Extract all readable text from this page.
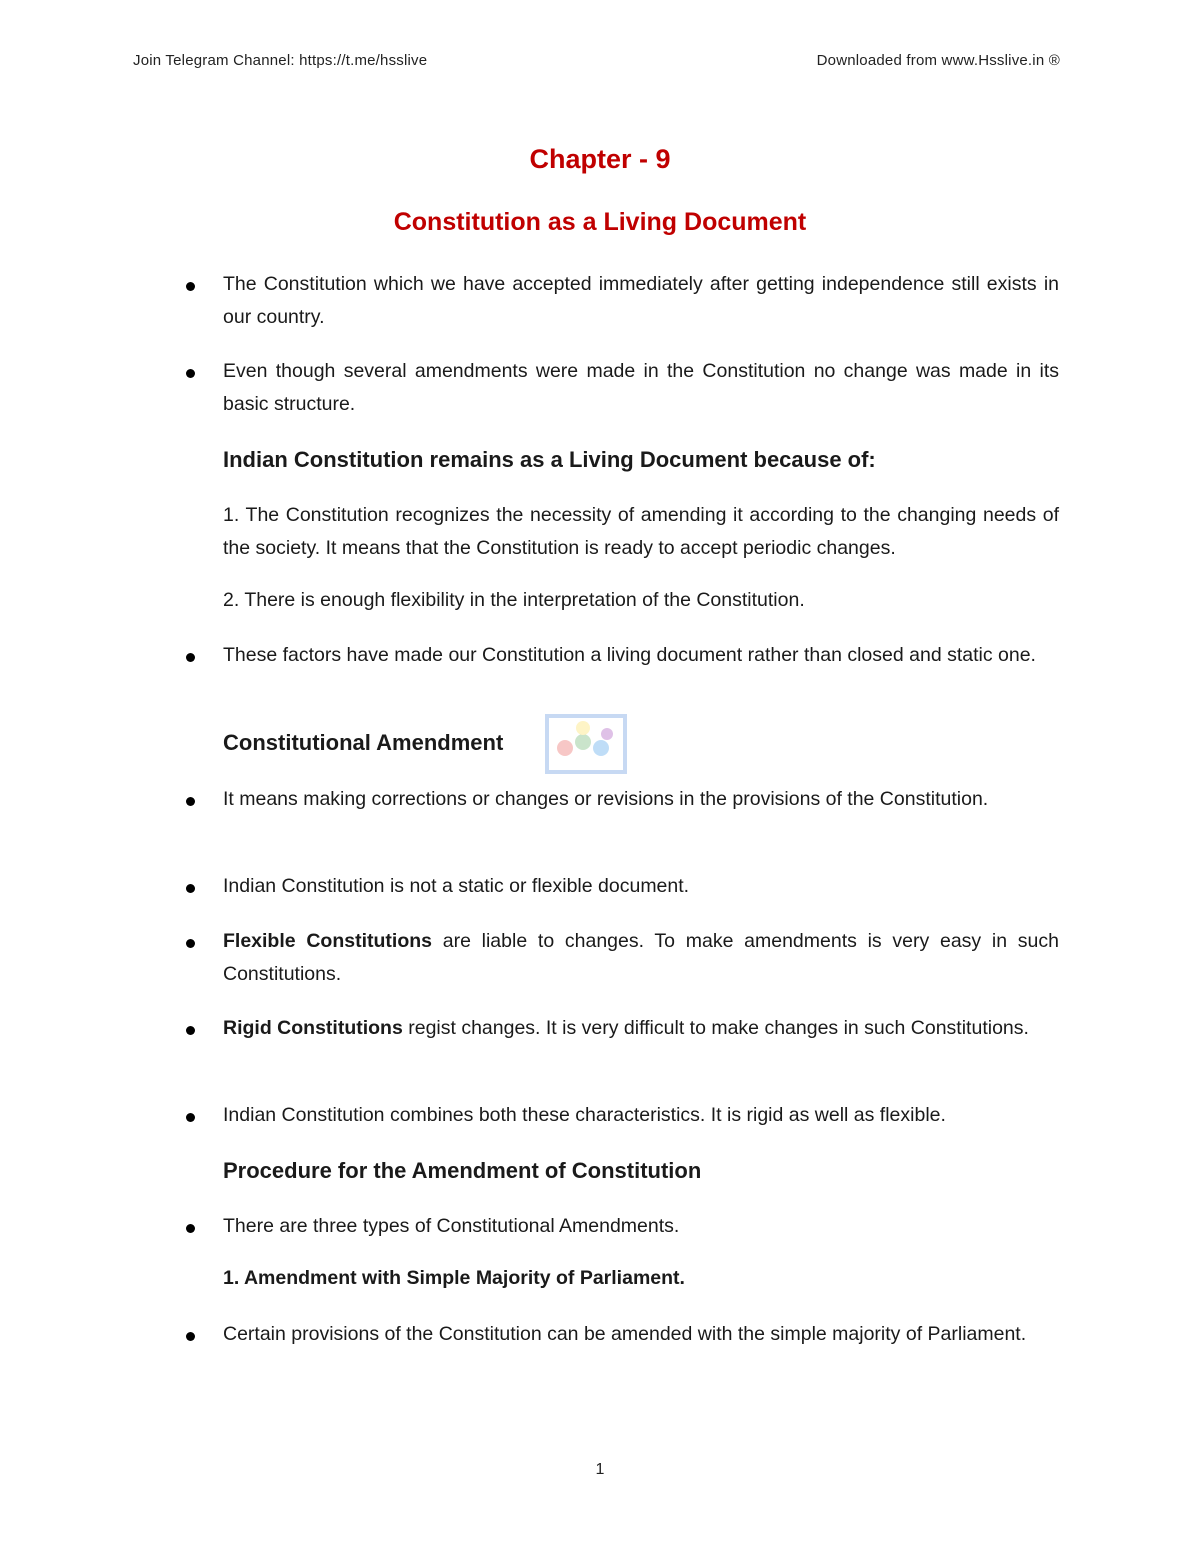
Join Telegram Channel: https://t.me/hsslive	Downloaded from www.Hsslive.in ®
Chapter - 9
Constitution as a Living Document
The Constitution which we have accepted immediately after getting independence still exists in our country.
Even though several amendments were made in the Constitution no change was made in its basic structure.
Indian Constitution remains as a Living Document because of:
1. The Constitution recognizes the necessity of amending it according to the changing needs of the society. It means that the Constitution is ready to accept periodic changes.
2. There is enough flexibility in the interpretation of the Constitution.
These factors have made our Constitution a living document rather than closed and static one.
Constitutional Amendment
It means making corrections or changes or revisions in the provisions of the Constitution.
Indian Constitution is not a static or flexible document.
Flexible Constitutions are liable to changes. To make amendments is very easy in such Constitutions.
Rigid Constitutions regist changes. It is very difficult to make changes in such Constitutions.
Indian Constitution combines both these characteristics. It is rigid as well as flexible.
Procedure for the Amendment of Constitution
There are three types of Constitutional Amendments.
1. Amendment with Simple Majority of Parliament.
Certain provisions of the Constitution can be amended with the simple majority of Parliament.
1
